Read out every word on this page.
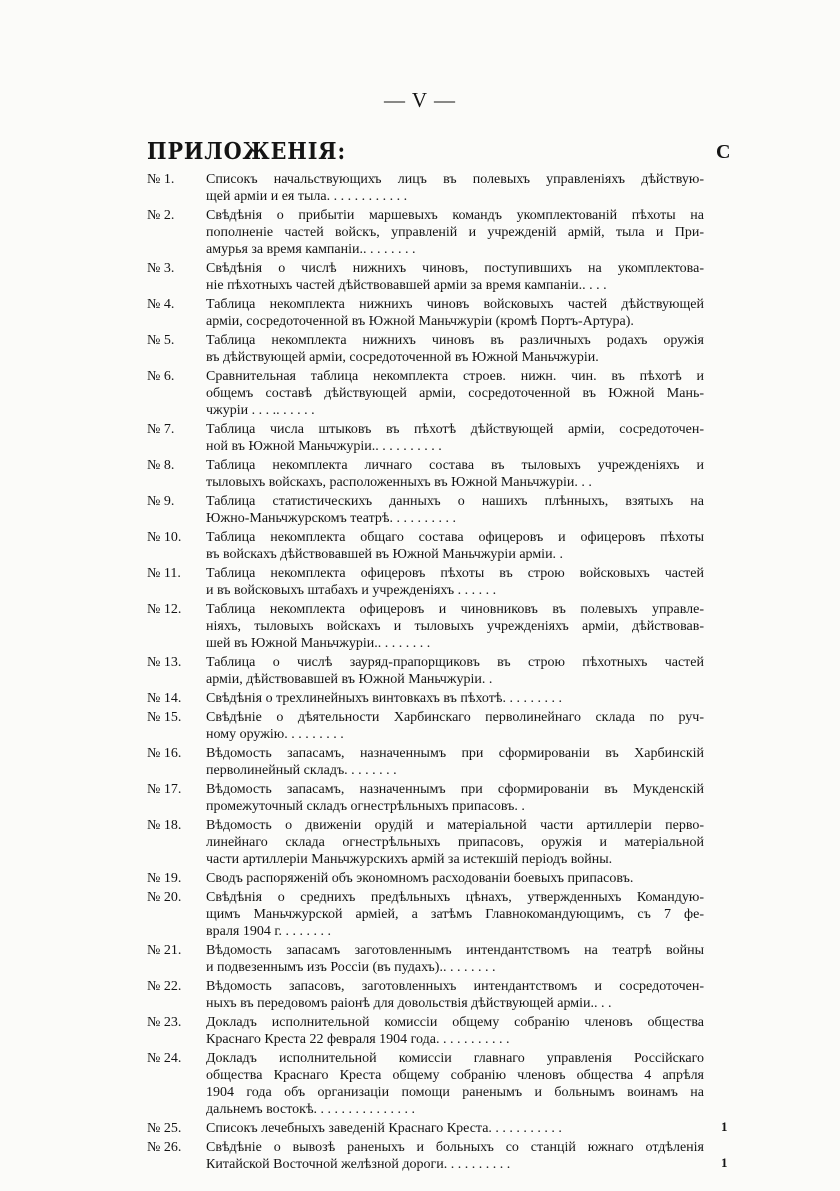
— V —
ПРИЛОЖЕНІЯ:	С
№ 1.	Списокъ начальствующихъ лицъ въ полевыхъ управленіяхъ дѣйствую-
щей арміи и ея тыла. . . . . . . . . . . .
№ 2.	Свѣдѣнія о прибытіи маршевыхъ командъ укомплектованій пѣхоты на
пополненіе частей войскъ, управленій и учрежденій армій, тыла и При-
амурья за время кампаніи.. . . . . . . .
№ 3.	Свѣдѣнія о числѣ нижнихъ чиновъ, поступившихъ на укомплектова-
ніе пѣхотныхъ частей дѣйствовавшей арміи за время кампаніи.. . . .
№ 4.	Таблица некомплекта нижнихъ чиновъ войсковыхъ частей дѣйствующей
арміи, сосредоточенной въ Южной Маньчжуріи (кромѣ Портъ-Артура).
№ 5.	Таблица некомплекта нижнихъ чиновъ въ различныхъ родахъ оружія
въ дѣйствующей арміи, сосредоточенной въ Южной Маньчжуріи.
№ 6.	Сравнительная таблица некомплекта строев. нижн. чин. въ пѣхотѣ и
общемъ составѣ дѣйствующей арміи, сосредоточенной въ Южной Мань-
чжуріи . . . .. . . . . .
№ 7.	Таблица числа штыковъ въ пѣхотѣ дѣйствующей арміи, сосредоточен-
ной въ Южной Маньчжуріи.. . . . . . . . . .
№ 8.	Таблица некомплекта личнаго состава въ тыловыхъ учрежденіяхъ и
тыловыхъ войскахъ, расположенныхъ въ Южной Маньчжуріи. . .
№ 9.	Таблица статистическихъ данныхъ о нашихъ плѣнныхъ, взятыхъ на
Южно-Маньчжурскомъ театрѣ. . . . . . . . . .
№ 10.	Таблица некомплекта общаго состава офицеровъ и офицеровъ пѣхоты
въ войскахъ дѣйствовавшей въ Южной Маньчжуріи арміи. .
№ 11.	Таблица некомплекта офицеровъ пѣхоты въ строю войсковыхъ частей
и въ войсковыхъ штабахъ и учрежденіяхъ . . . . . .
№ 12.	Таблица некомплекта офицеровъ и чиновниковъ въ полевыхъ управле-
ніяхъ, тыловыхъ войскахъ и тыловыхъ учрежденіяхъ арміи, дѣйствовав-
шей въ Южной Маньчжуріи.. . . . . . . .
№ 13.	Таблица о числѣ зауряд-прапорщиковъ въ строю пѣхотныхъ частей
арміи, дѣйствовавшей въ Южной Маньчжуріи. .
№ 14.	Свѣдѣнія о трехлинейныхъ винтовкахъ въ пѣхотѣ. . . . . . . . .
№ 15.	Свѣдѣніе о дѣятельности Харбинскаго перволинейнаго склада по руч-
ному оружію. . . . . . . . .
№ 16.	Вѣдомость запасамъ, назначеннымъ при сформированіи въ Харбинскій
перволинейный складъ. . . . . . . .
№ 17.	Вѣдомость запасамъ, назначеннымъ при сформированіи въ Мукденскій
промежуточный складъ огнестрѣльныхъ припасовъ. .
№ 18.	Вѣдомость о движеніи орудій и матеріальной части артиллеріи перво-
линейнаго склада огнестрѣльныхъ припасовъ, оружія и матеріальной
части артиллеріи Маньчжурскихъ армій за истекшій періодъ войны.
№ 19.	Сводъ распоряженій объ экономномъ расходованіи боевыхъ припасовъ.
№ 20.	Свѣдѣнія о среднихъ предѣльныхъ цѣнахъ, утвержденныхъ Командую-
щимъ Маньчжурской арміей, а затѣмъ Главнокомандующимъ, съ 7 фе-
враля 1904 г. . . . . . . .
№ 21.	Вѣдомость запасамъ заготовленнымъ интендантствомъ на театрѣ войны
и подвезеннымъ изъ Россіи (въ пудахъ).. . . . . . . .
№ 22.	Вѣдомость запасовъ, заготовленныхъ интендантствомъ и сосредоточен-
ныхъ въ передовомъ раіонѣ для довольствія дѣйствующей арміи.. . .
№ 23.	Докладъ исполнительной комиссіи общему собранію членовъ общества
Краснаго Креста 22 февраля 1904 года. . . . . . . . . . .
№ 24.	Докладъ исполнительной комиссіи главнаго управленія Россійскаго
общества Краснаго Креста общему собранію членовъ общества 4 апрѣля
1904 года объ организаціи помощи раненымъ и больнымъ воинамъ на
дальнемъ востокѣ. . . . . . . . . . . . . . .
№ 25.	Списокъ лечебныхъ заведеній Краснаго Креста. . . . . . . . . . .	1
№ 26.	Свѣдѣніе о вывозѣ раненыхъ и больныхъ со станцій южнаго отдѣленія
Китайской Восточной желѣзной дороги. . . . . . . . . .	1
